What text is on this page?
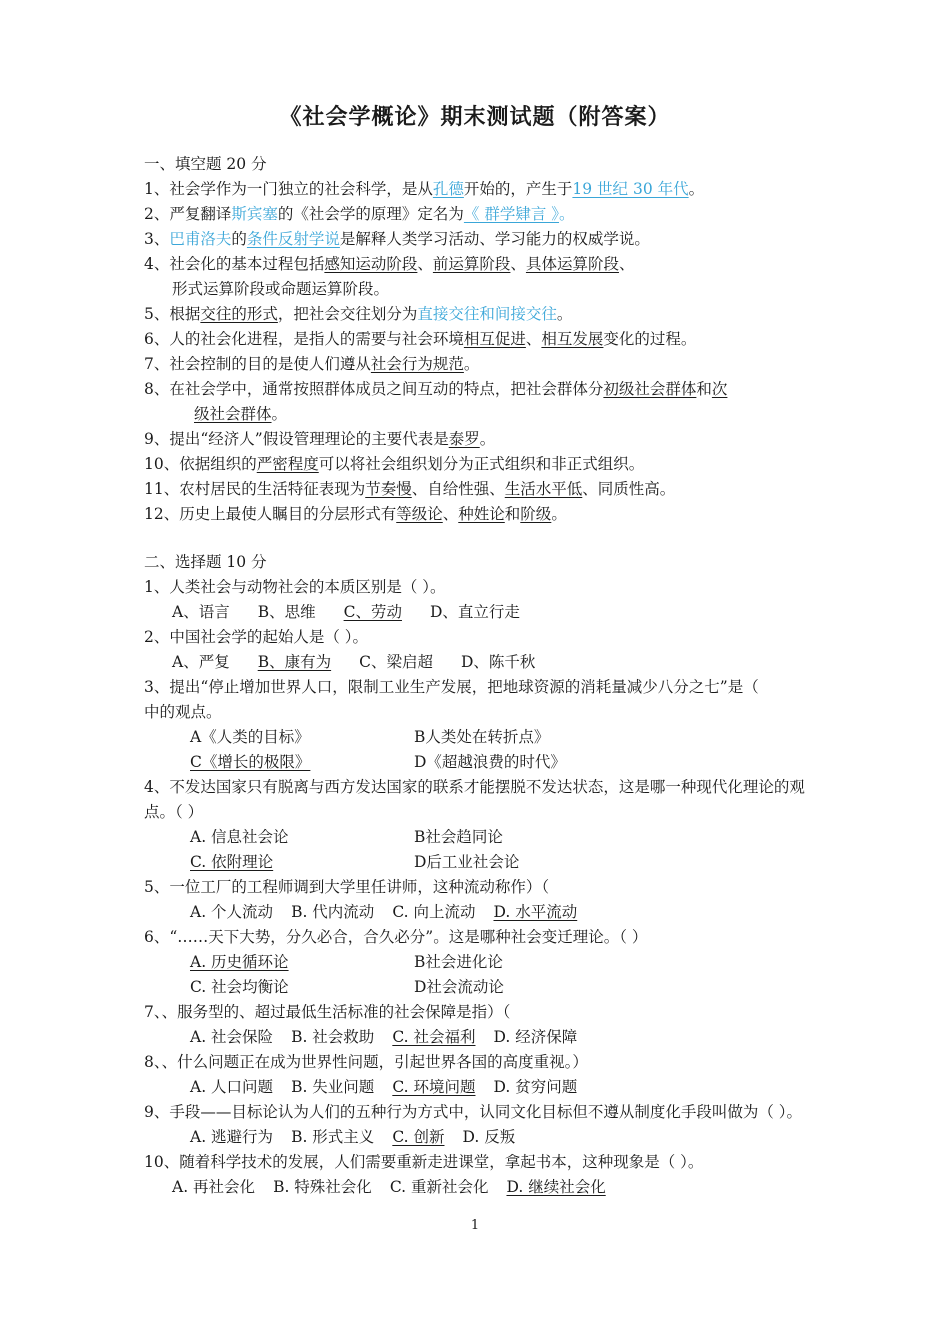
《社会学概论》期末测试题（附答案）
一、填空题 20 分
1、社会学作为一门独立的社会科学，是从孔德开始的，产生于19 世纪 30 年代。
2、严复翻译斯宾塞的《社会学的原理》定名为《 群学肄言 》。
3、巴甫洛夫的条件反射学说是解释人类学习活动、学习能力的权威学说。
4、社会化的基本过程包括感知运动阶段、前运算阶段、具体运算阶段、
形式运算阶段或命题运算阶段。
5、根据交往的形式，把社会交往划分为直接交往和间接交往。
6、人的社会化进程，是指人的需要与社会环境相互促进、相互发展变化的过程。
7、社会控制的目的是使人们遵从社会行为规范。
8、在社会学中，通常按照群体成员之间互动的特点，把社会群体分初级社会群体和次
级社会群体。
9、提出“经济人”假设管理理论的主要代表是泰罗。
10、依据组织的严密程度可以将社会组织划分为正式组织和非正式组织。
11、农村居民的生活特征表现为节奏慢、自给性强、生活水平低、同质性高。
12、历史上最使人瞩目的分层形式有等级论、种姓论和阶级。
二、选择题 10 分
1、人类社会与动物社会的本质区别是（ ）。
A、语言 B、思维 C、劳动 D、直立行走
2、中国社会学的起始人是（ ）。
A、严复 B、康有为 C、梁启超 D、陈千秋
3、提出“停止增加世界人口，限制工业生产发展，把地球资源的消耗量减少八分之七”是（
中的观点。
A《人类的目标》	B人类处在转折点》
C《增长的极限》	D《超越浪费的时代》
4、不发达国家只有脱离与西方发达国家的联系才能摆脱不发达状态，这是哪一种现代化理论的观
点。（ ）
A. 信息社会论	B社会趋同论
C. 依附理论	D后工业社会论
5、一位工厂的工程师调到大学里任讲师，这种流动称作）（
A. 个人流动 B. 代内流动 C. 向上流动 D. 水平流动
6、“……天下大势，分久必合，合久必分”。这是哪种社会变迁理论。（ ）
A. 历史循环论	B社会进化论
C. 社会均衡论	D社会流动论
7、、服务型的、超过最低生活标准的社会保障是指）（
A. 社会保险 B. 社会救助 C. 社会福利 D. 经济保障
8、、什么问题正在成为世界性问题，引起世界各国的高度重视。）
A. 人口问题 B. 失业问题 C. 环境问题 D. 贫穷问题
9、手段——目标论认为人们的五种行为方式中，认同文化目标但不遵从制度化手段叫做为（ ）。
A. 逃避行为 B. 形式主义 C. 创新 D. 反叛
10、随着科学技术的发展，人们需要重新走进课堂，拿起书本，这种现象是（ ）。
A. 再社会化 B. 特殊社会化 C. 重新社会化 D. 继续社会化
1
